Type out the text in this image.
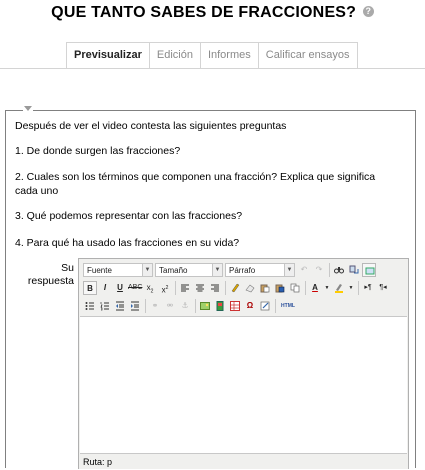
QUE TANTO SABES DE FRACCIONES? ?
Previsualizar	Edición	Informes	Calificar ensayos
Después de ver el video contesta las siguientes preguntas
1. De donde surgen las fracciones?
2. Cuales son los términos que componen una fracción? Explica que significa cada uno
3. Qué podemos representar con las fracciones?
4. Para qué ha usado las fracciones en su vida?
Su respuesta
Fuente	▼	Tamaño	▼	Párrafo	▼	↶	↷
B	I	U ABC $x_2$	$x^2$	A	▼	▼	▸¶	¶◂
⚭	⚮	⚓	Ω	HTML
Ruta: p
